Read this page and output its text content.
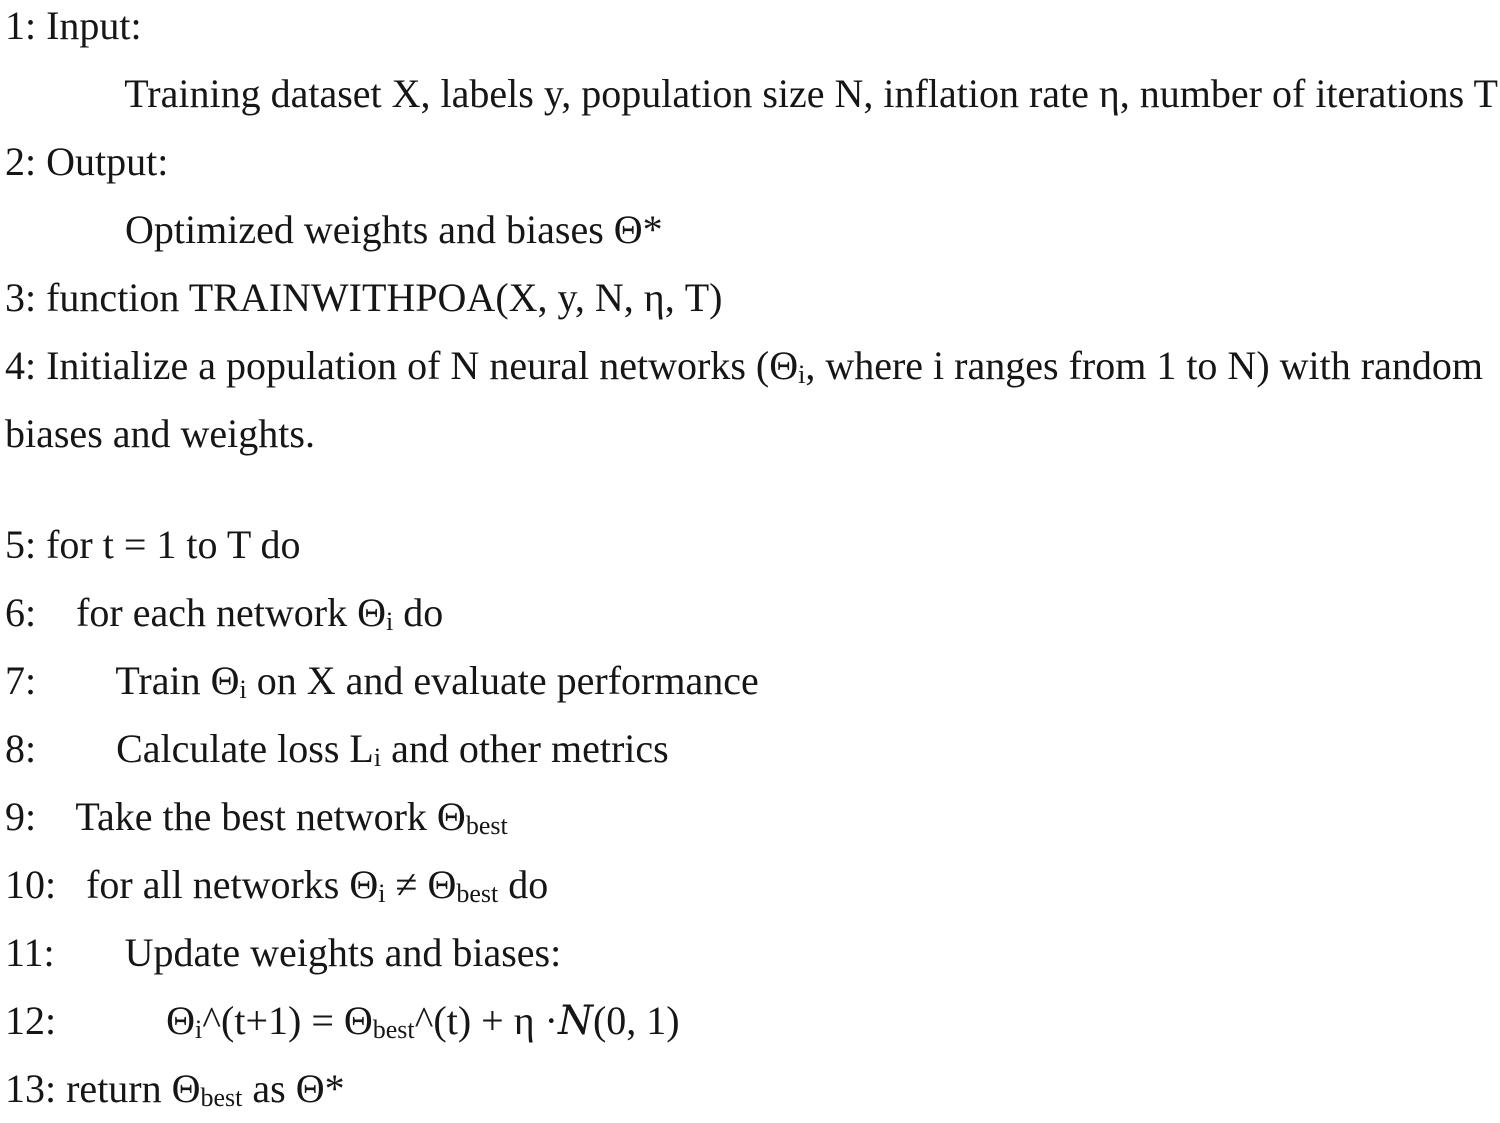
1: Input:
Training dataset X, labels y, population size N, inflation rate η, number of iterations T
2: Output:
Optimized weights and biases Θ*
3: function TRAINWITHPOA(X, y, N, η, T)
4: Initialize a population of N neural networks ($\Theta_i$, where i ranges from 1 to N) with random
biases and weights.
5: for t = 1 to T do
6:    for each network $\Theta_i$ do
7:        Train $\Theta_i$ on X and evaluate performance
8:        Calculate loss $L_i$ and other metrics
9:    Take the best network $\Theta_{best}$
10:   for all networks $\Theta_i \ne \Theta_{best}$ do
11:       Update weights and biases:
12:           $\Theta_i\^{}(t+1)$ = $\Theta_{best}\^{}(t) + \eta \cdot N(0$, 1)
13: return $\Theta_{best}$ as Θ*
